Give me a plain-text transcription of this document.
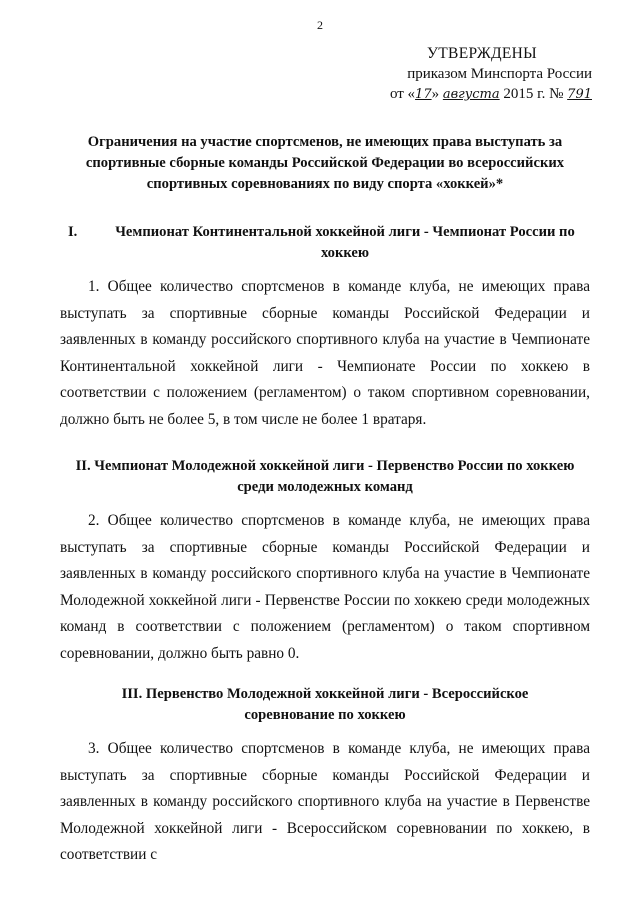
2
УТВЕРЖДЕНЫ
приказом Минспорта России
от «17» августа 2015 г. № 791
Ограничения на участие спортсменов, не имеющих права выступать за спортивные сборные команды Российской Федерации во всероссийских спортивных соревнованиях по виду спорта «хоккей»*
I.	Чемпионат Континентальной хоккейной лиги - Чемпионат России по хоккею
1. Общее количество спортсменов в команде клуба, не имеющих права выступать за спортивные сборные команды Российской Федерации и заявленных в команду российского спортивного клуба на участие в Чемпионате Континентальной хоккейной лиги - Чемпионате России по хоккею в соответствии с положением (регламентом) о таком спортивном соревновании, должно быть не более 5, в том числе не более 1 вратаря.
II. Чемпионат Молодежной хоккейной лиги - Первенство России по хоккею среди молодежных команд
2. Общее количество спортсменов в команде клуба, не имеющих права выступать за спортивные сборные команды Российской Федерации и заявленных в команду российского спортивного клуба на участие в Чемпионате Молодежной хоккейной лиги - Первенстве России по хоккею среди молодежных команд в соответствии с положением (регламентом) о таком спортивном соревновании, должно быть равно 0.
III. Первенство Молодежной хоккейной лиги - Всероссийское соревнование по хоккею
3. Общее количество спортсменов в команде клуба, не имеющих права выступать за спортивные сборные команды Российской Федерации и заявленных в команду российского спортивного клуба на участие в Первенстве Молодежной хоккейной лиги - Всероссийском соревновании по хоккею, в соответствии с
